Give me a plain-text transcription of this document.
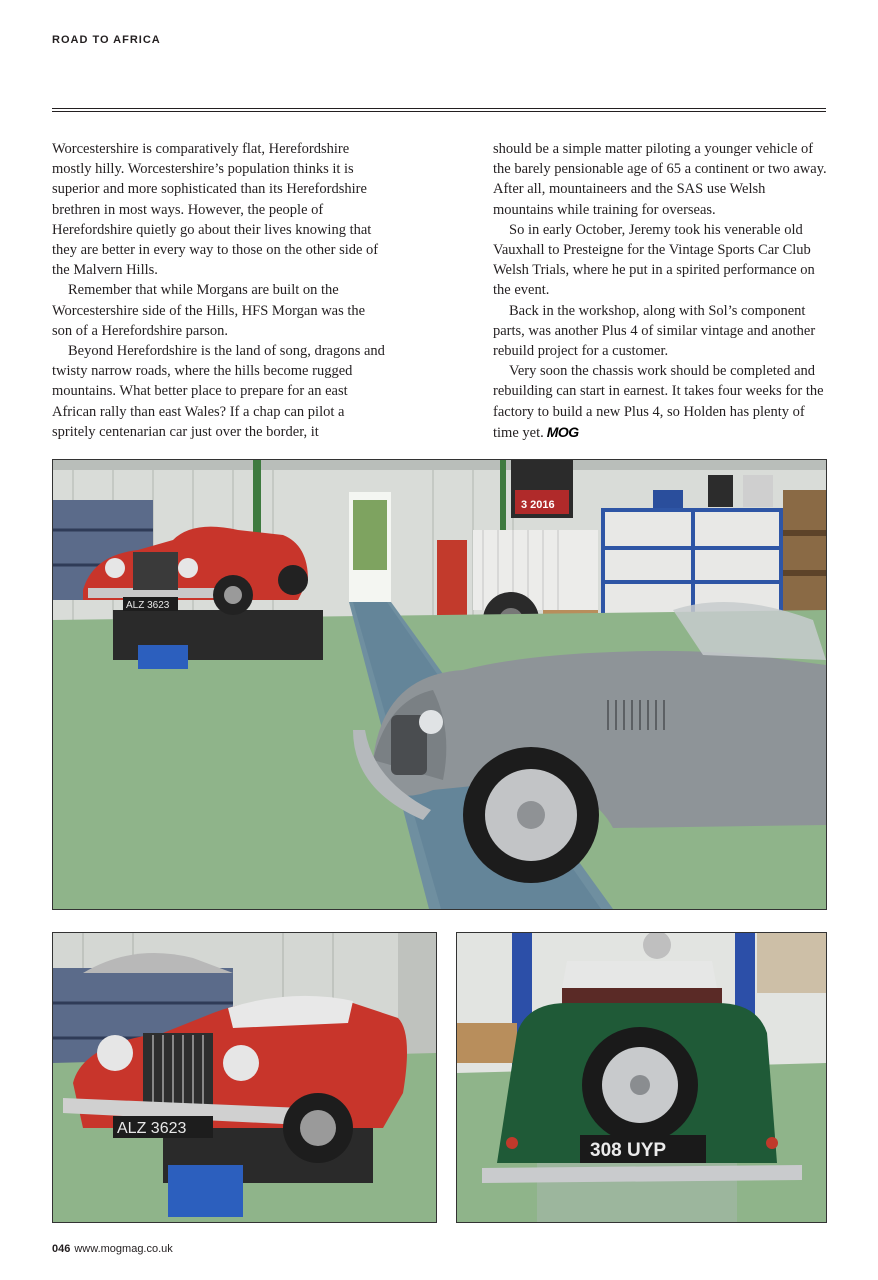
ROAD TO AFRICA

Worcestershire is comparatively flat, Herefordshire mostly hilly. Worcestershire’s population thinks it is superior and more sophisticated than its Herefordshire brethren in most ways. However, the people of Herefordshire quietly go about their lives knowing that they are better in every way to those on the other side of the Malvern Hills.

Remember that while Morgans are built on the Worcestershire side of the Hills, HFS Morgan was the son of a Herefordshire parson.

Beyond Herefordshire is the land of song, dragons and twisty narrow roads, where the hills become rugged mountains. What better place to prepare for an east African rally than east Wales? If a chap can pilot a spritely centenarian car just over the border, it

should be a simple matter piloting a younger vehicle of the barely pensionable age of 65 a continent or two away. After all, mountaineers and the SAS use Welsh mountains while training for overseas.

So in early October, Jeremy took his venerable old Vauxhall to Presteigne for the Vintage Sports Car Club Welsh Trials, where he put in a spirited performance on the event.

Back in the workshop, along with Sol’s component parts, was another Plus 4 of similar vintage and another rebuild project for a customer.

Very soon the chassis work should be completed and rebuilding can start in earnest. It takes four weeks for the factory to build a new Plus 4, so Holden has plenty of time yet. MOG

3 2016
ALZ 3623
ALZ 3623
308 UYP
046 www.mogmag.co.uk
